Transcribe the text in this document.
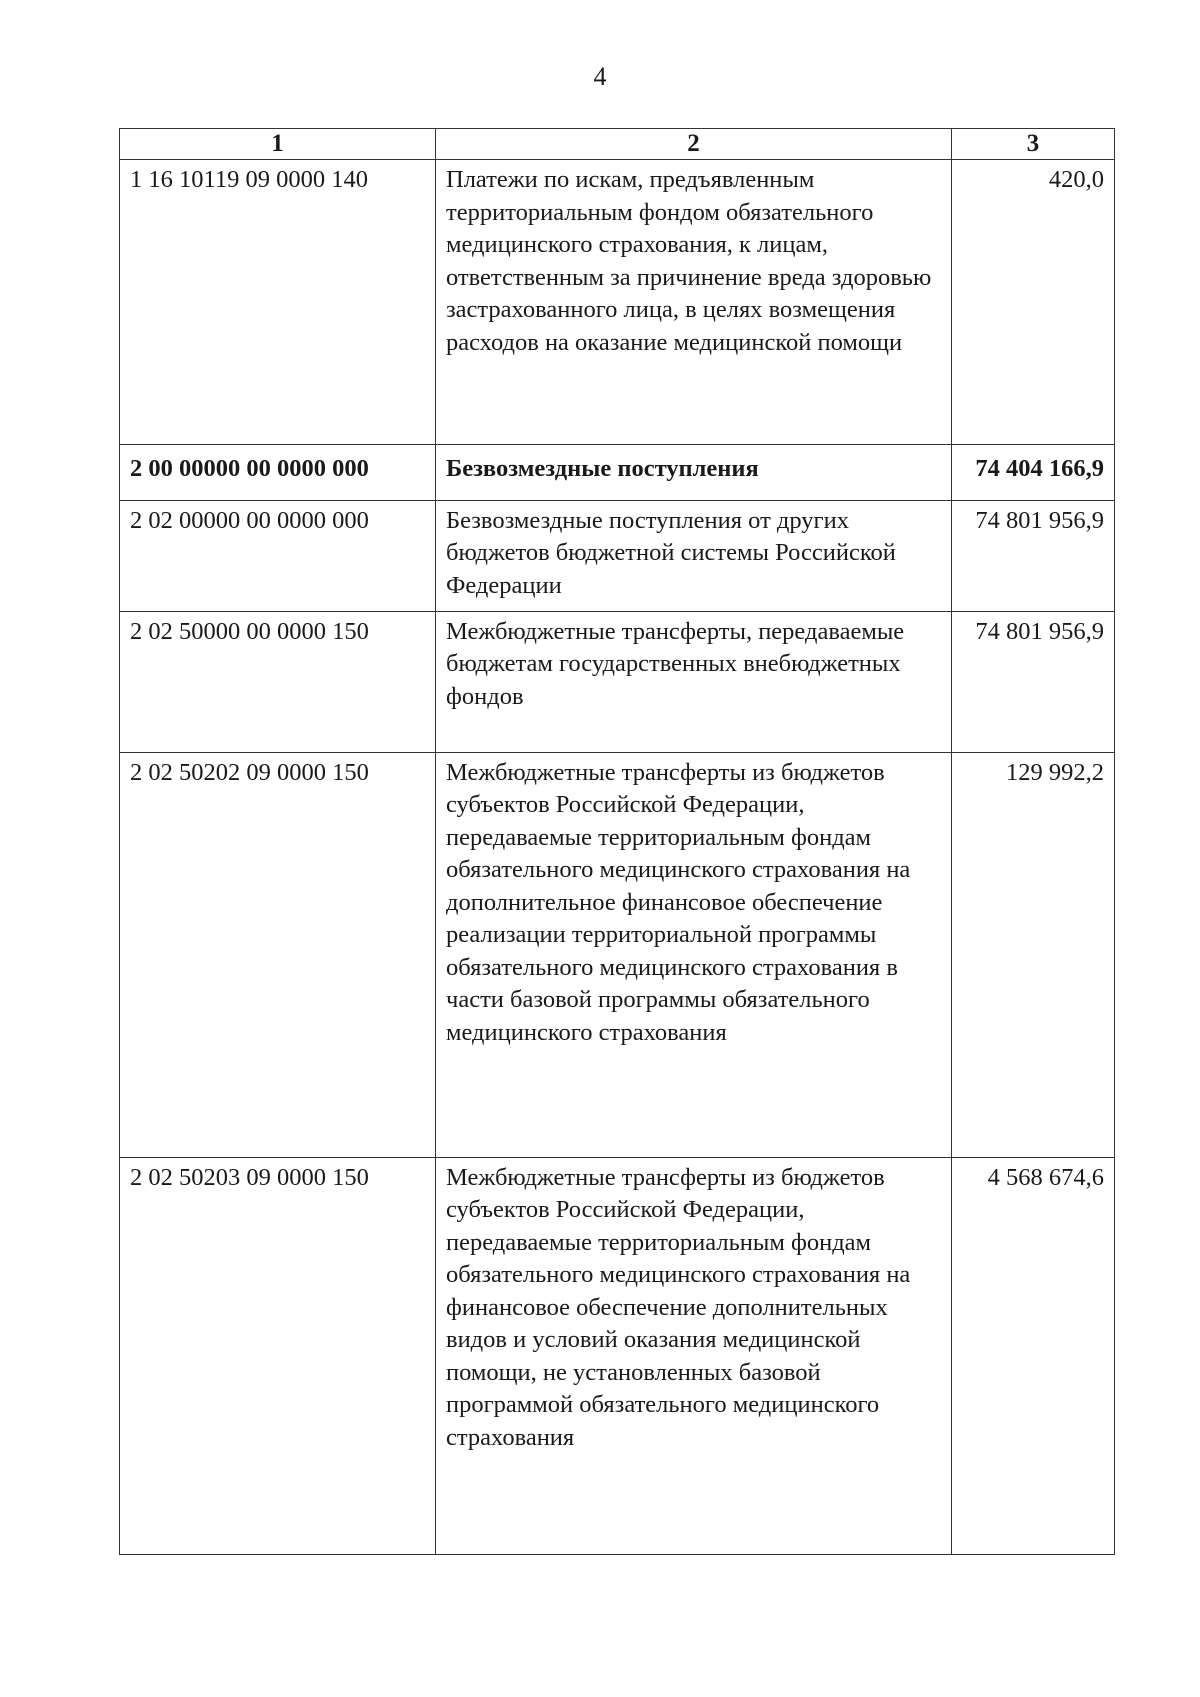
4
1	2	3
1 16 10119 09 0000 140	Платежи по искам, предъявленным территориальным фондом обязательного медицинского страхования, к лицам, ответственным за причинение вреда здоровью застрахованного лица, в целях возмещения расходов на оказание медицинской помощи	420,0
2 00 00000 00 0000 000	Безвозмездные поступления	74 404 166,9
2 02 00000 00 0000 000	Безвозмездные поступления от других бюджетов бюджетной системы Российской Федерации	74 801 956,9
2 02 50000 00 0000 150	Межбюджетные трансферты, передаваемые бюджетам государственных внебюджетных фондов	74 801 956,9
2 02 50202 09 0000 150	Межбюджетные трансферты из бюджетов субъектов Российской Федерации, передаваемые территориальным фондам обязательного медицинского страхования на дополнительное финансовое обеспечение реализации территориальной программы обязательного медицинского страхования в части базовой программы обязательного медицинского страхования	129 992,2
2 02 50203 09 0000 150	Межбюджетные трансферты из бюджетов субъектов Российской Федерации, передаваемые территориальным фондам обязательного медицинского страхования на финансовое обеспечение дополнительных видов и условий оказания медицинской помощи, не установленных базовой программой обязательного медицинского страхования	4 568 674,6
